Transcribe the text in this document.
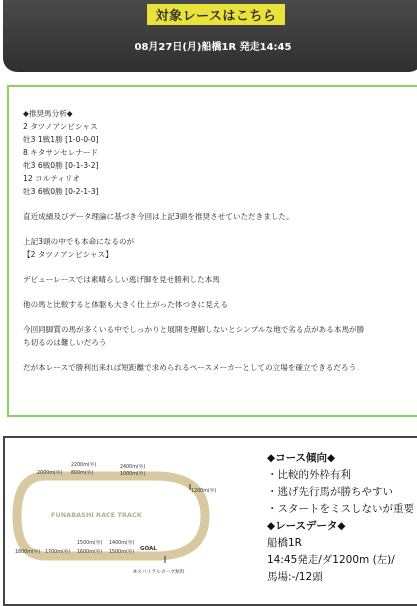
対象レースはこちら
08月27日(月)船橋1R 発走14:45
◆推奨馬分析◆
2 タツノアンビシャス
牡3 1戦1勝 [1-0-0-0]
8 キタサンセレナード
牝3 6戦0勝 [0-1-3-2]
12 コルティリオ
牡3 6戦0勝 [0-2-1-3]
直近成績及びデータ理論に基づき今回は上記3頭を推奨させていただきました。
上記3頭の中でも本命になるのが
【2 タツノアンビシャス】
デビューレースでは素晴らしい逃げ脚を見せ勝利した本馬
他の馬と比較すると体躯も大きく仕上がった体つきに見える
今回同脚質の馬が多くいる中でしっかりと展開を理解しないとシンプルな地で劣る点がある本馬が勝
ち切るのは難しいだろう
だが本レースで勝利出来れば短距離で求められるペースメーカーとしての立場を確立できるだろう
2200m(外)
2000m(外) 800m(外)
2400m(外)
1000m(外)
1200m(外)
1500m(外) 1400m(外)
1800m(外) 1700m(外) 1600m(外) 1500m(外)
GOAL
FUNABASHI RACE TRACK
※スパイラルカーブ無料
◆コース傾向◆
・比較的外枠有利
・逃げ先行馬が勝ちやすい
・スタートをミスしないが重要
◆レースデータ◆
船橋1R
14:45発走/ダ1200m (左)/
馬場:-/12頭
